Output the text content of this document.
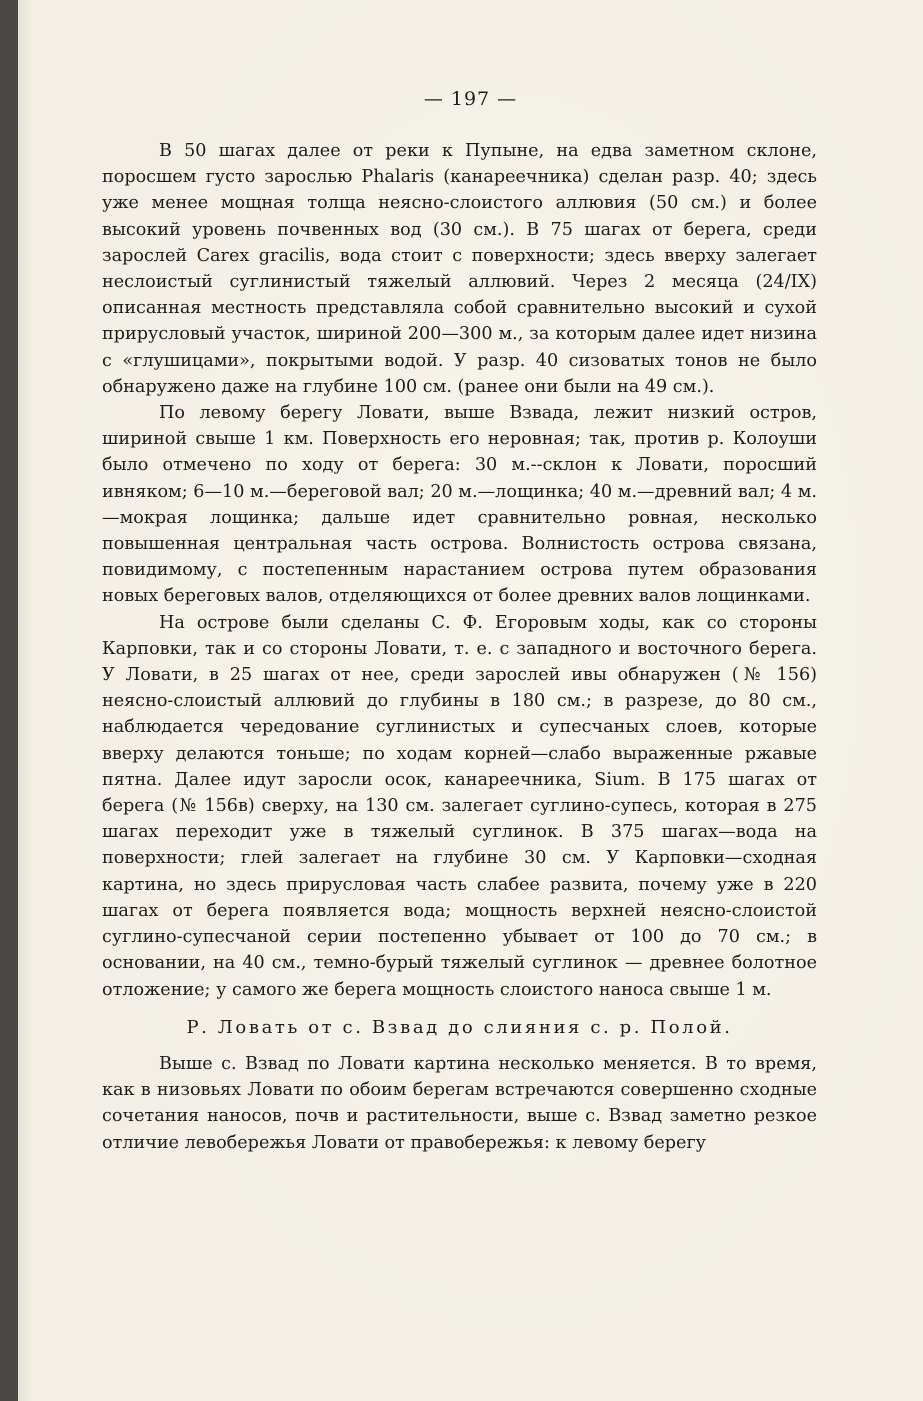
— 197 —

В 50 шагах далее от реки к Пупыне, на едва заметном склоне, поросшем густо зарослью Phalaris (канареечника) сделан разр. 40; здесь уже менее мощная толща неясно-слоистого аллювия (50 см.) и более высокий уровень почвенных вод (30 см.). В 75 шагах от берега, среди зарослей Carex gracilis, вода стоит с поверхности; здесь вверху залегает неслоистый суглинистый тяжелый аллювий. Через 2 месяца (24/IX) описанная местность представляла собой сравнительно высокий и сухой прирусловый участок, шириной 200—300 м., за которым далее идет низина с «глушицами», покрытыми водой. У разр. 40 сизоватых тонов не было обнаружено даже на глубине 100 см. (ранее они были на 49 см.).

По левому берегу Ловати, выше Взвада, лежит низкий остров, шириной свыше 1 км. Поверхность его неровная; так, против р. Колоуши было отмечено по ходу от берега: 30 м.--склон к Ловати, поросший ивняком; 6—10 м.—береговой вал; 20 м.—лощинка; 40 м.—древний вал; 4 м.—мокрая лощинка; дальше идет сравнительно ровная, несколько повышенная центральная часть острова. Волнистость острова связана, повидимому, с постепенным нарастанием острова путем образования новых береговых валов, отделяющихся от более древних валов лощинками.

На острове были сделаны С. Ф. Егоровым ходы, как со стороны Карповки, так и со стороны Ловати, т. е. с западного и восточного берега. У Ловати, в 25 шагах от нее, среди зарослей ивы обнаружен (№ 156) неясно-слоистый аллювий до глубины в 180 см.; в разрезе, до 80 см., наблюдается чередование суглинистых и супесчаных слоев, которые вверху делаются тоньше; по ходам корней—слабо выраженные ржавые пятна. Далее идут заросли осок, канареечника, Sium. В 175 шагах от берега (№ 156в) сверху, на 130 см. залегает суглино-супесь, которая в 275 шагах переходит уже в тяжелый суглинок. В 375 шагах—вода на поверхности; глей залегает на глубине 30 см. У Карповки—сходная картина, но здесь прирусловая часть слабее развита, почему уже в 220 шагах от берега появляется вода; мощность верхней неясно-слоистой суглино-супесчаной серии постепенно убывает от 100 до 70 см.; в основании, на 40 см., темно-бурый тяжелый суглинок — древнее болотное отложение; у самого же берега мощность слоистого наноса свыше 1 м.

Р. Ловать от с. Взвад до слияния с. р. Полой.

Выше с. Взвад по Ловати картина несколько меняется. В то время, как в низовьях Ловати по обоим берегам встречаются совершенно сходные сочетания наносов, почв и растительности, выше с. Взвад заметно резкое отличие левобережья Ловати от правобережья: к левому берегу
